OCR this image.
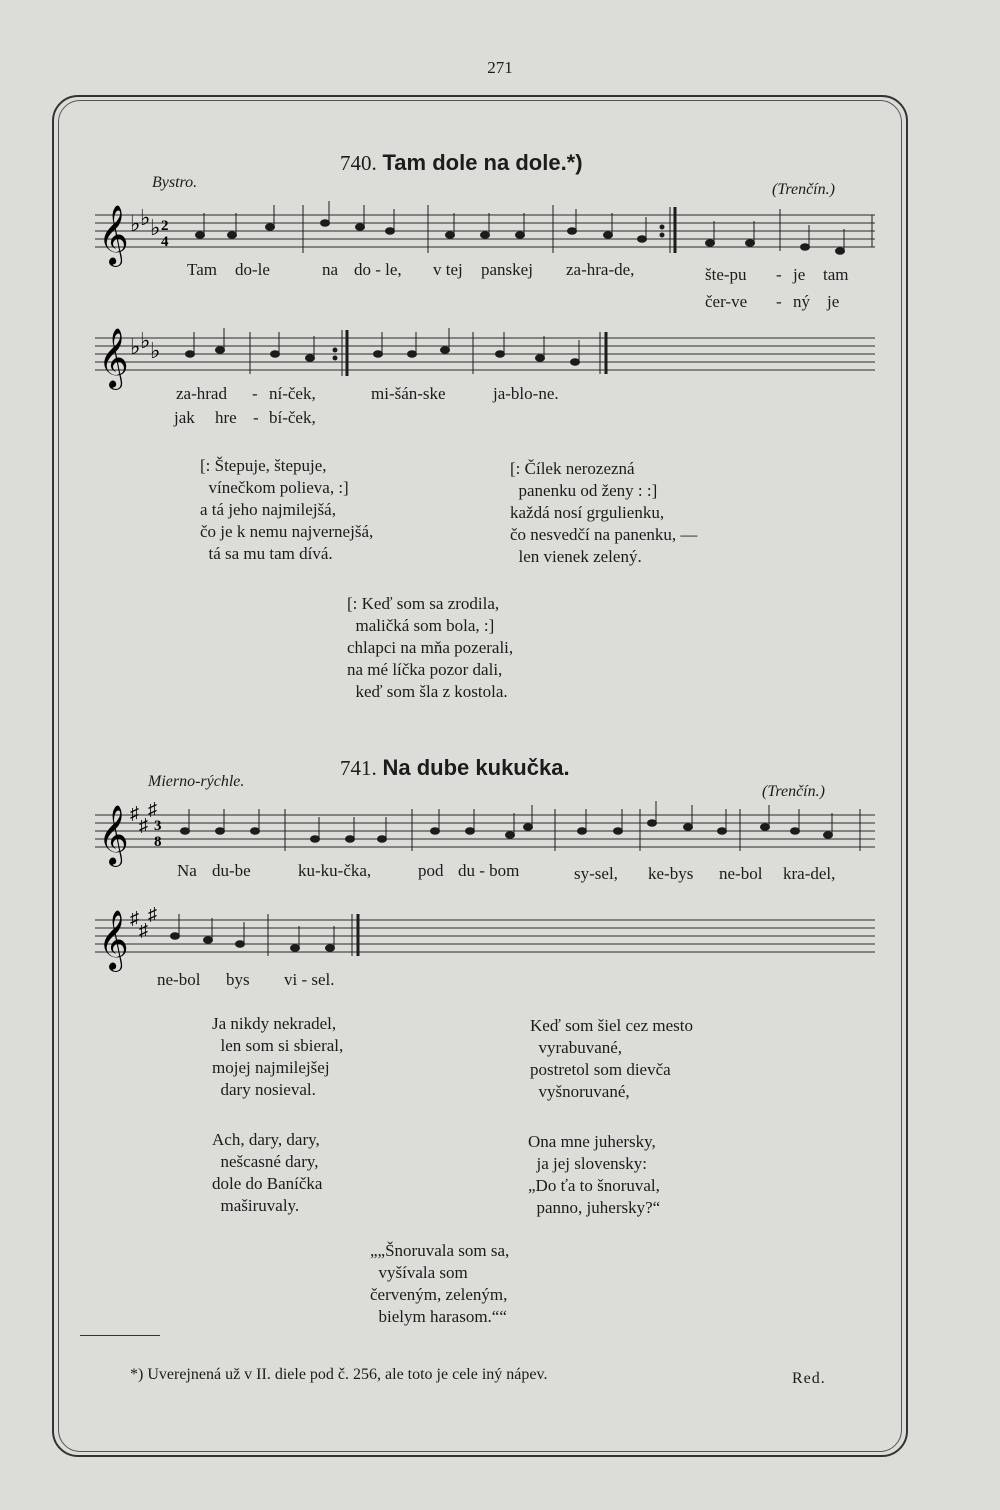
271
740. Tam dole na dole.*)
Bystro.	(Trenčín.)
𝄞 ♭ ♭ ♭ 2
4
Tam do-le	na do - le, v tej panskej za-hra-de,	šte-pu - je tam
čer-ve - ný je
𝄞 ♭ ♭ ♭
za-hrad - ní-ček,	mi-šán-ske	ja-blo-ne.
jak hre - bí-ček,
[: Štepuje, štepuje,
vínečkom polieva, :]
a tá jeho najmilejšá,
čo je k nemu najvernejšá,
tá sa mu tam dívá.
[: Čílek nerozezná
panenku od ženy : :]
každá nosí grgulienku,
čo nesvedčí na panenku, —
len vienek zelený.
[: Keď som sa zrodila,
maličká som bola, :]
chlapci na mňa pozerali,
na mé líčka pozor dali,
keď som šla z kostola.
741. Na dube kukučka.
Mierno-rýchle.
(Trenčín.)
𝄞 ♯
♯
♯
3
8
Na du-be	ku-ku-čka,	pod du - bom	sy-sel, ke-bys ne-bol kra-del,
𝄞 ♯
♯
♯
ne-bol bys vi - sel.
Ja nikdy nekradel,
len som si sbieral,
mojej najmilejšej
dary nosieval.
Keď som šiel cez mesto
vyrabuvané,
postretol som dievča
vyšnoruvané,
Ach, dary, dary,
nešcasné dary,
dole do Baníčka
maširuvaly.
Ona mne juhersky,
ja jej slovensky:
„Do ťa to šnoruval,
panno, juhersky?“
„„Šnoruvala som sa,
vyšívala som
červeným, zeleným,
bielym harasom.““
*) Uverejnená už v II. diele pod č. 256, ale toto je cele iný nápev.	Red.
